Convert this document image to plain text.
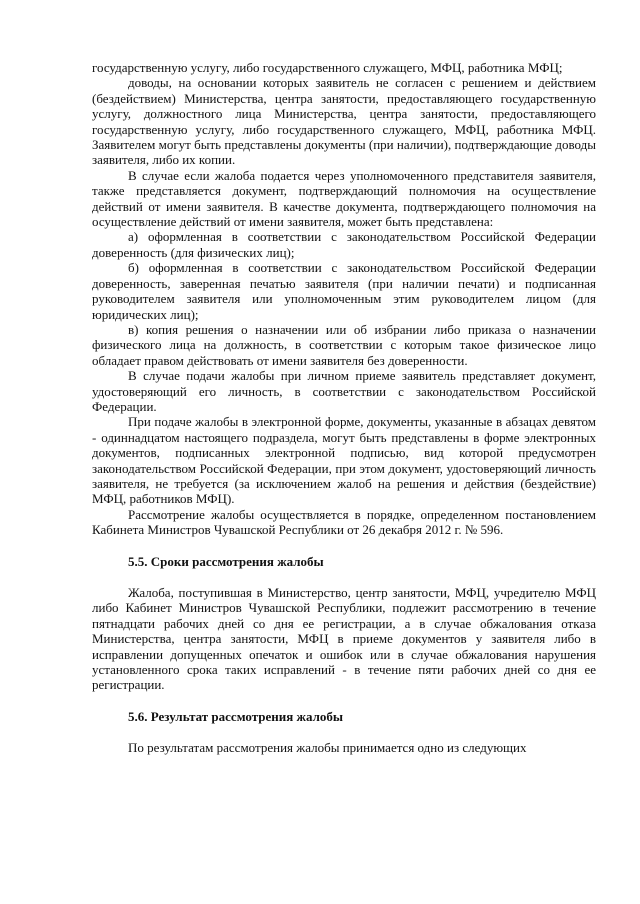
государственную услугу, либо государственного служащего, МФЦ, работника МФЦ;

доводы, на основании которых заявитель не согласен с решением и действием (бездействием) Министерства, центра занятости, предоставляющего государственную услугу, должностного лица Министерства, центра занятости, предоставляющего государственную услугу, либо государственного служащего, МФЦ, работника МФЦ. Заявителем могут быть представлены документы (при наличии), подтверждающие доводы заявителя, либо их копии.

В случае если жалоба подается через уполномоченного представителя заявителя, также представляется документ, подтверждающий полномочия на осуществление действий от имени заявителя. В качестве документа, подтверждающего полномочия на осуществление действий от имени заявителя, может быть представлена:

а) оформленная в соответствии с законодательством Российской Федерации доверенность (для физических лиц);

б) оформленная в соответствии с законодательством Российской Федерации доверенность, заверенная печатью заявителя (при наличии печати) и подписанная руководителем заявителя или уполномоченным этим руководителем лицом (для юридических лиц);

в) копия решения о назначении или об избрании либо приказа о назначении физического лица на должность, в соответствии с которым такое физическое лицо обладает правом действовать от имени заявителя без доверенности.

В случае подачи жалобы при личном приеме заявитель представляет документ, удостоверяющий его личность, в соответствии с законодательством Российской Федерации.

При подаче жалобы в электронной форме, документы, указанные в абзацах девятом - одиннадцатом настоящего подраздела, могут быть представлены в форме электронных документов, подписанных электронной подписью, вид которой предусмотрен законодательством Российской Федерации, при этом документ, удостоверяющий личность заявителя, не требуется (за исключением жалоб на решения и действия (бездействие) МФЦ, работников МФЦ).

Рассмотрение жалобы осуществляется в порядке, определенном постановлением Кабинета Министров Чувашской Республики от 26 декабря 2012 г. № 596.

5.5. Сроки рассмотрения жалобы

Жалоба, поступившая в Министерство, центр занятости, МФЦ, учредителю МФЦ либо Кабинет Министров Чувашской Республики, подлежит рассмотрению в течение пятнадцати рабочих дней со дня ее регистрации, а в случае обжалования отказа Министерства, центра занятости, МФЦ в приеме документов у заявителя либо в исправлении допущенных опечаток и ошибок или в случае обжалования нарушения установленного срока таких исправлений - в течение пяти рабочих дней со дня ее регистрации.

5.6. Результат рассмотрения жалобы

По результатам рассмотрения жалобы принимается одно из следующих
